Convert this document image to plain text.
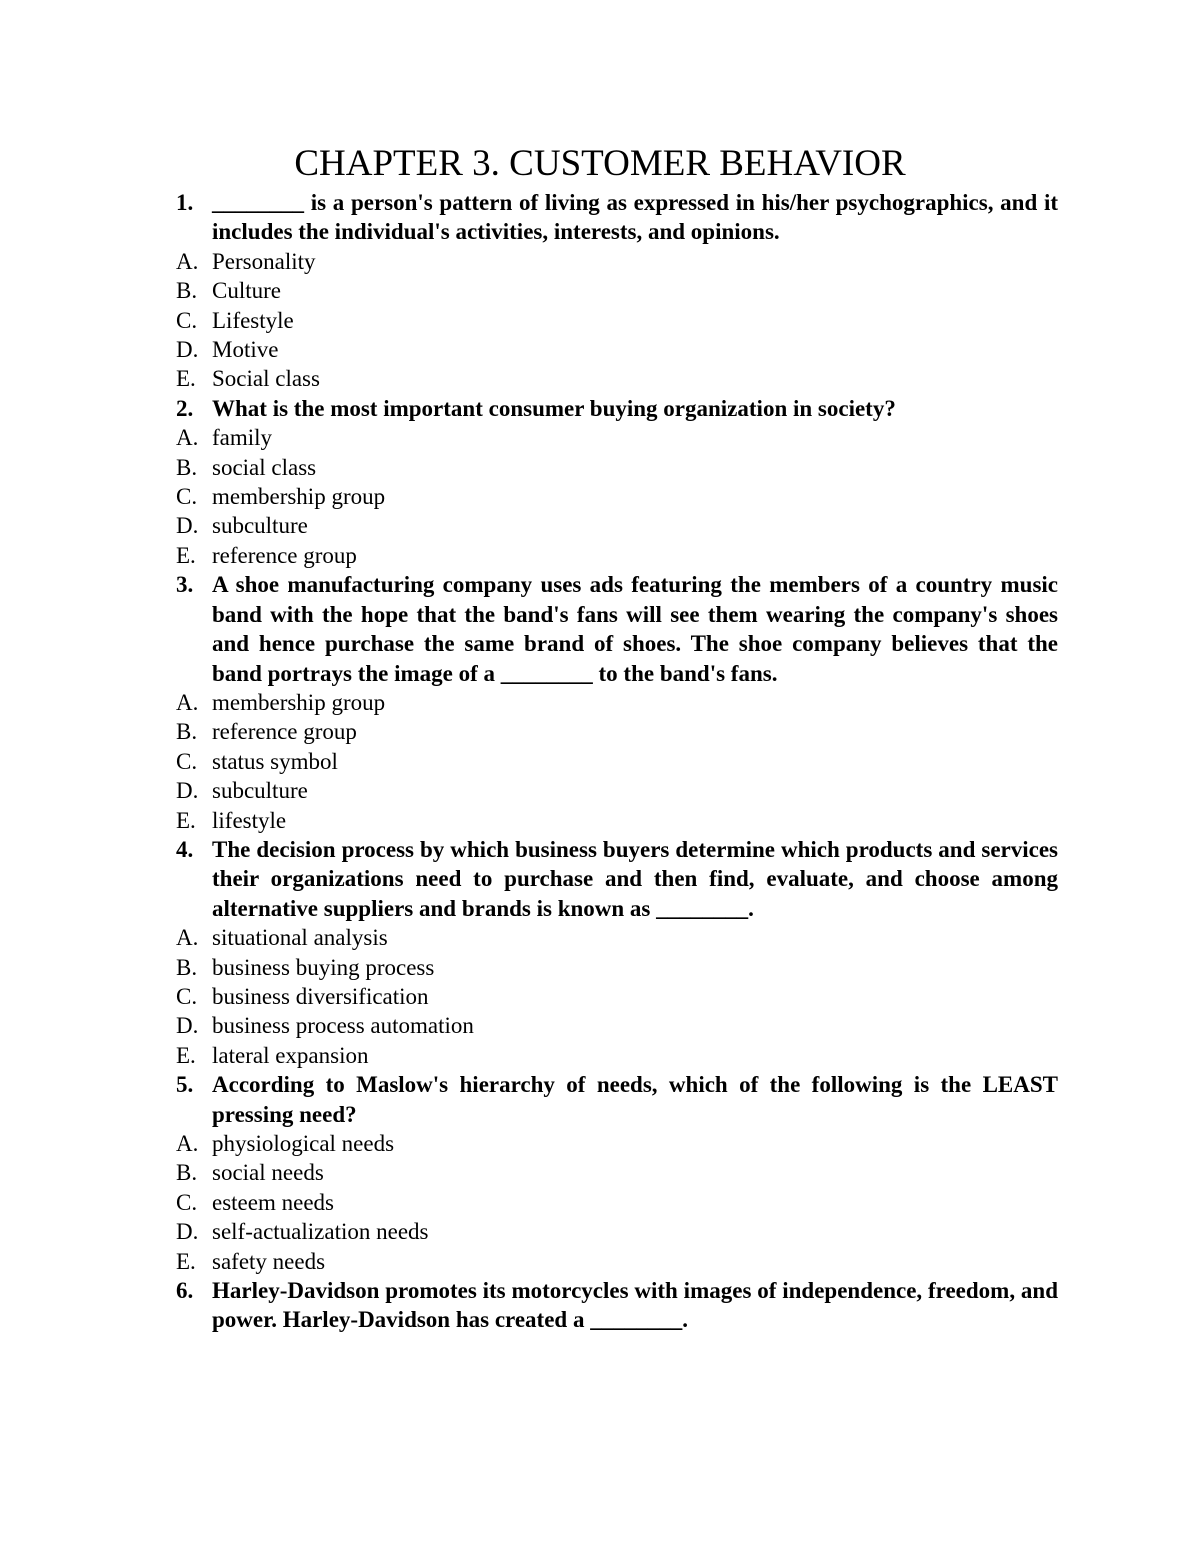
CHAPTER 3. CUSTOMER BEHAVIOR
1. ________ is a person's pattern of living as expressed in his/her psychographics, and it includes the individual's activities, interests, and opinions.
A. Personality
B. Culture
C. Lifestyle
D. Motive
E. Social class
2. What is the most important consumer buying organization in society?
A. family
B. social class
C. membership group
D. subculture
E. reference group
3. A shoe manufacturing company uses ads featuring the members of a country music band with the hope that the band's fans will see them wearing the company's shoes and hence purchase the same brand of shoes. The shoe company believes that the band portrays the image of a ________ to the band's fans.
A. membership group
B. reference group
C. status symbol
D. subculture
E. lifestyle
4. The decision process by which business buyers determine which products and services their organizations need to purchase and then find, evaluate, and choose among alternative suppliers and brands is known as ________.
A. situational analysis
B. business buying process
C. business diversification
D. business process automation
E. lateral expansion
5. According to Maslow's hierarchy of needs, which of the following is the LEAST pressing need?
A. physiological needs
B. social needs
C. esteem needs
D. self-actualization needs
E. safety needs
6. Harley-Davidson promotes its motorcycles with images of independence, freedom, and power. Harley-Davidson has created a ________.
